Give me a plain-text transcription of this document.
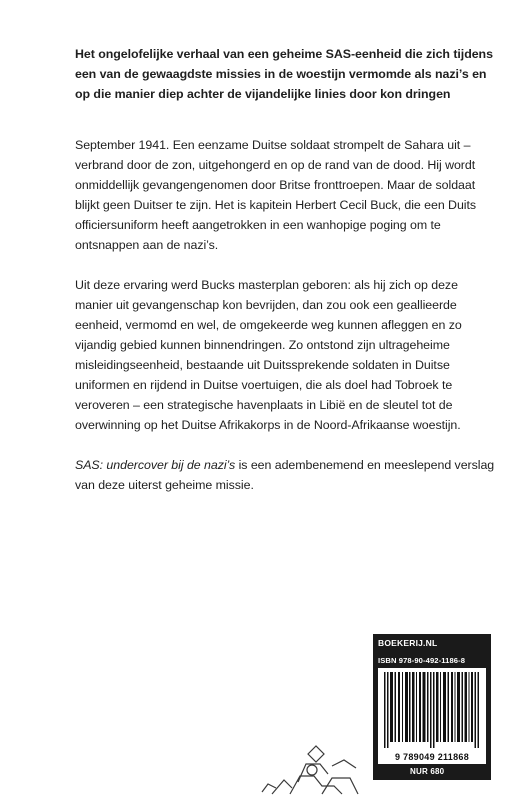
Het ongelofelijke verhaal van een geheime SAS-eenheid die zich tijdens een van de gewaagdste missies in de woestijn vermomde als nazi’s en op die manier diep achter de vijandelijke linies door kon dringen

September 1941. Een eenzame Duitse soldaat strompelt de Sahara uit – verbrand door de zon, uitgehongerd en op de rand van de dood. Hij wordt onmiddellijk gevangengenomen door Britse fronttroepen. Maar de soldaat blijkt geen Duitser te zijn. Het is kapitein Herbert Cecil Buck, die een Duits officiersuniform heeft aangetrokken in een wanhopige poging om te ontsnappen aan de nazi’s.

Uit deze ervaring werd Bucks masterplan geboren: als hij zich op deze manier uit gevangenschap kon bevrijden, dan zou ook een geallieerde eenheid, vermomd en wel, de omgekeerde weg kunnen afleggen en zo vijandig gebied kunnen binnendringen. Zo ontstond zijn ultrageheime misleidingseenheid, bestaande uit Duitssprekende soldaten in Duitse uniformen en rijdend in Duitse voertuigen, die als doel had Tobroek te veroveren – een strategische havenplaats in Libië en de sleutel tot de overwinning op het Duitse Afrikakorps in de Noord-Afrikaanse woestijn.

SAS: undercover bij de nazi’s is een adembenemend en meeslepend verslag van deze uiterst geheime missie.

BOEKERIJ.NL
ISBN 978-90-492-1186-8
9 789049 211868
NUR 680
